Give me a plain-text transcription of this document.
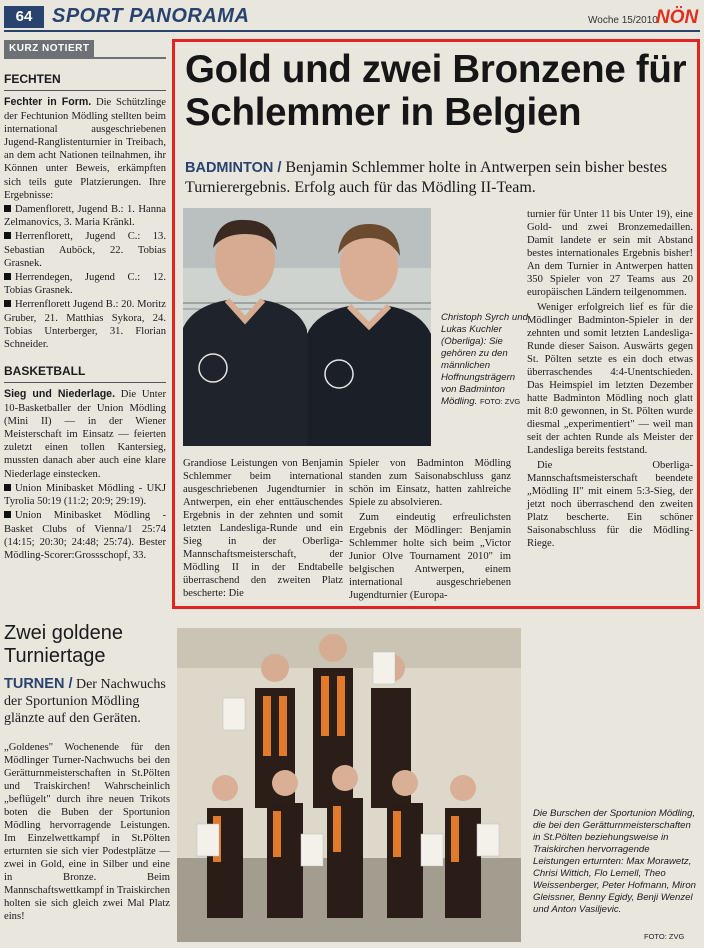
64 SPORT PANORAMA	Woche 15/2010
NÖN
KURZ NOTIERT
FECHTEN
Fechter in Form. Die Schützlinge der Fechtunion Mödling stellten beim international ausgeschriebenen Jugend-Ranglistenturnier in Treibach, an dem acht Nationen teilnahmen, ihr Können unter Beweis, erkämpften sich teils gute Platzierungen. Ihre Ergebnisse:
Damenflorett, Jugend B.: 1. Hanna Zelmanovics, 3. Maria Kränkl.
Herrenflorett, Jugend C.: 13. Sebastian Auböck, 22. Tobias Grasnek.
Herrendegen, Jugend C.: 12. Tobias Grasnek.
Herrenflorett Jugend B.: 20. Moritz Gruber, 21. Matthias Sykora, 24. Tobias Unterberger, 31. Florian Schneider.
BASKETBALL
Sieg und Niederlage. Die Unter 10-Basketballer der Union Mödling (Mini II) — in der Wiener Meisterschaft im Einsatz — feierten zuletzt einen tollen Kantersieg, mussten danach aber auch eine klare Niederlage einstecken.
Union Minibasket Mödling - UKJ Tyrolia 50:19 (11:2; 20:9; 29:19).
Union Minibasket Mödling - Basket Clubs of Vienna/1 25:74 (14:15; 20:30; 24:48; 25:74). Bester Mödling-Scorer:Grossschopf, 33.
Gold und zwei Bronzene für Schlemmer in Belgien
BADMINTON / Benjamin Schlemmer holte in Antwerpen sein bisher bestes Turnierergebnis. Erfolg auch für das Mödling II-Team.
Christoph Syrch und Lukas Kuchler (Oberliga): Sie gehören zu den männlichen Hoffnungsträgern von Badminton Mödling. FOTO: ZVG

Grandiose Leistungen von Benjamin Schlemmer beim international ausgeschriebenen Jugendturnier in Antwerpen, ein eher enttäuschendes Ergebnis in der zehnten und somit letzten Landesliga-Runde und ein Sieg in der Oberliga-Mannschaftsmeisterschaft, der Mödling II in der Endtabelle überraschend den zweiten Platz bescherte: Die

Spieler von Badminton Mödling standen zum Saisonabschluss ganz schön im Einsatz, hatten zahlreiche Spiele zu absolvieren.

Zum eindeutig erfreulichsten Ergebnis der Mödlinger: Benjamin Schlemmer holte sich beim „Victor Junior Olve Tournament 2010" im belgischen Antwerpen, einem international ausgeschriebenen Jugendturnier (Europa-

turnier für Unter 11 bis Unter 19), eine Gold- und zwei Bronzemedaillen. Damit landete er sein mit Abstand bestes internationales Ergebnis bisher! An dem Turnier in Antwerpen hatten 350 Spieler von 27 Teams aus 20 europäischen Ländern teilgenommen.

Weniger erfolgreich lief es für die Mödlinger Badminton-Spieler in der zehnten und somit letzten Landesliga-Runde dieser Saison. Auswärts gegen St. Pölten setzte es ein doch etwas überraschendes 4:4-Unentschieden. Das Heimspiel im letzten Dezember hatte Badminton Mödling noch glatt mit 8:0 gewonnen, in St. Pölten wurde diesmal „experimentiert" — weil man seit der achten Runde als Meister der Landesliga bereits feststand.
Die Oberliga-Mannschaftsmeisterschaft beendete „Mödling II" mit einem 5:3-Sieg, der jetzt noch überraschend den zweiten Platz bescherte. Ein schöner Saisonabschluss für die Mödling-Riege.
Zwei goldene Turniertage
TURNEN / Der Nachwuchs der Sportunion Mödling glänzte auf den Geräten.
„Goldenes" Wochenende für den Mödlinger Turner-Nachwuchs bei den Gerätturnmeisterschaften in St.Pölten und Traiskirchen! Wahrscheinlich „beflügelt" durch ihre neuen Trikots boten die Buben der Sportunion Mödling hervorragende Leistungen. Im Einzelwettkampf in St.Pölten erturnten sie sich vier Podestplätze — zwei in Gold, eine in Silber und eine in Bronze. Beim Mannschaftswettkampf in Traiskirchen holten sie sich gleich zwei Mal Platz eins!
Die Burschen der Sportunion Mödling, die bei den Gerätturnmeisterschaften in St.Pölten beziehungsweise in Traiskirchen hervorragende Leistungen erturnten: Max Morawetz, Chrisi Wittich, Flo Lemell, Theo Weissenberger, Peter Hofmann, Miron Gleissner, Benny Egidy, Benji Wenzel und Anton Vasiljevic.
FOTO: ZVG
